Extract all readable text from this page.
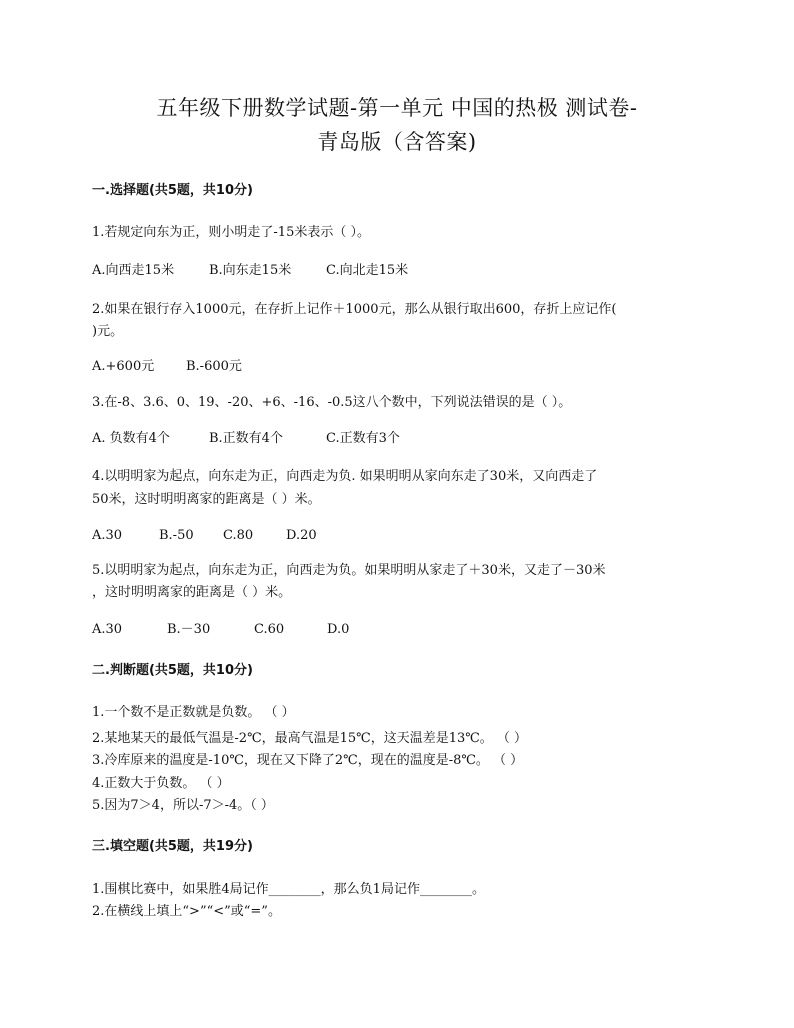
五年级下册数学试题-第一单元 中国的热极 测试卷-
青岛版（含答案)
一.选择题(共5题，共10分)
1.若规定向东为正，则小明走了-15米表示（ ）。
A.向西走15米	B.向东走15米	C.向北走15米
2.如果在银行存入1000元，在存折上记作＋1000元，那么从银行取出600，存折上应记作(
)元。
A.+600元 B.-600元
3.在-8、3.6、0、19、-20、+6、-16、-0.5这八个数中，下列说法错误的是（ ）。
A. 负数有4个	B.正数有4个	C.正数有3个
4.以明明家为起点，向东走为正，向西走为负. 如果明明从家向东走了30米，又向西走了
50米，这时明明离家的距离是（ ）米。
A.30	B.-50 C.80	D.20
5.以明明家为起点，向东走为正，向西走为负。如果明明从家走了＋30米，又走了－30米
，这时明明离家的距离是（ ）米。
A.30	B.－30	C.60	D.0
二.判断题(共5题，共10分)
1.一个数不是正数就是负数。 （ ）
2.某地某天的最低气温是-2℃，最高气温是15℃，这天温差是13℃。 （ ）
3.冷库原来的温度是-10℃，现在又下降了2℃，现在的温度是-8℃。 （ ）
4.正数大于负数。 （ ）
5.因为7＞4，所以-7＞-4。（ ）
三.填空题(共5题，共19分)
1.围棋比赛中，如果胜4局记作________，那么负1局记作________。
2.在横线上填上“>”“<”或“=”。
